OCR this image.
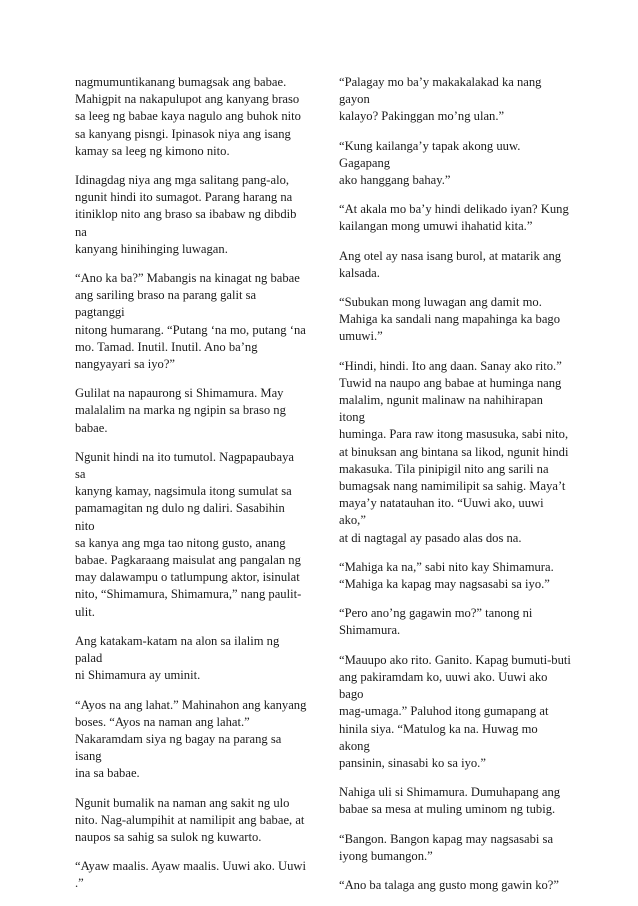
nagmumuntikanang bumagsak ang babae.
Mahigpit na nakapulupot ang kanyang braso
sa leeg ng babae kaya nagulo ang buhok nito
sa kanyang pisngi. Ipinasok niya ang isang
kamay sa leeg ng kimono nito.

Idinagdag niya ang mga salitang pang-alo,
ngunit hindi ito sumagot. Parang harang na
itiniklop nito ang braso sa ibabaw ng dibdib na
kanyang hinihinging luwagan.

“Ano ka ba?” Mabangis na kinagat ng babae
ang sariling braso na parang galit sa pagtanggi
nitong humarang. “Putang ‘na mo, putang ‘na
mo. Tamad. Inutil. Inutil. Ano ba’ng
nangyayari sa iyo?”

Gulilat na napaurong si Shimamura. May
malalalim na marka ng ngipin sa braso ng
babae.

Ngunit hindi na ito tumutol. Nagpapaubaya sa
kanyng kamay, nagsimula itong sumulat sa
pamamagitan ng dulo ng daliri. Sasabihin nito
sa kanya ang mga tao nitong gusto, anang
babae. Pagkaraang maisulat ang pangalan ng
may dalawampu o tatlumpung aktor, isinulat
nito, “Shimamura, Shimamura,” nang paulit-
ulit.

Ang katakam-katam na alon sa ilalim ng palad
ni Shimamura ay uminit.

“Ayos na ang lahat.” Mahinahon ang kanyang
boses. “Ayos na naman ang lahat.”
Nakaramdam siya ng bagay na parang sa isang
ina sa babae.

Ngunit bumalik na naman ang sakit ng ulo
nito. Nag-alumpihit at namilipit ang babae, at
naupos sa sahig sa sulok ng kuwarto.

“Ayaw maalis. Ayaw maalis. Uuwi ako. Uuwi
.”

“Palagay mo ba’y makakalakad ka nang gayon
kalayo? Pakinggan mo’ng ulan.”

“Kung kailanga’y tapak akong uuw. Gagapang
ako hanggang bahay.”

“At akala mo ba’y hindi delikado iyan? Kung
kailangan mong umuwi ihahatid kita.”

Ang otel ay nasa isang burol, at matarik ang
kalsada.

“Subukan mong luwagan ang damit mo.
Mahiga ka sandali nang mapahinga ka bago
umuwi.”

“Hindi, hindi. Ito ang daan. Sanay ako rito.”
Tuwid na naupo ang babae at huminga nang
malalim, ngunit malinaw na nahihirapan itong
huminga. Para raw itong masusuka, sabi nito,
at binuksan ang bintana sa likod, ngunit hindi
makasuka. Tila pinipigil nito ang sarili na
bumagsak nang namimilipit sa sahig. Maya’t
maya’y natatauhan ito. “Uuwi ako, uuwi ako,”
at di nagtagal ay pasado alas dos na.

“Mahiga ka na,” sabi nito kay Shimamura.
“Mahiga ka kapag may nagsasabi sa iyo.”

“Pero ano’ng gagawin mo?” tanong ni
Shimamura.

“Mauupo ako rito. Ganito. Kapag bumuti-buti
ang pakiramdam ko, uuwi ako. Uuwi ako bago
mag-umaga.” Paluhod itong gumapang at
hinila siya. “Matulog ka na. Huwag mo akong
pansinin, sinasabi ko sa iyo.”

Nahiga uli si Shimamura. Dumuhapang ang
babae sa mesa at muling uminom ng tubig.

“Bangon. Bangon kapag may nagsasabi sa
iyong bumangon.”

“Ano ba talaga ang gusto mong gawin ko?”
